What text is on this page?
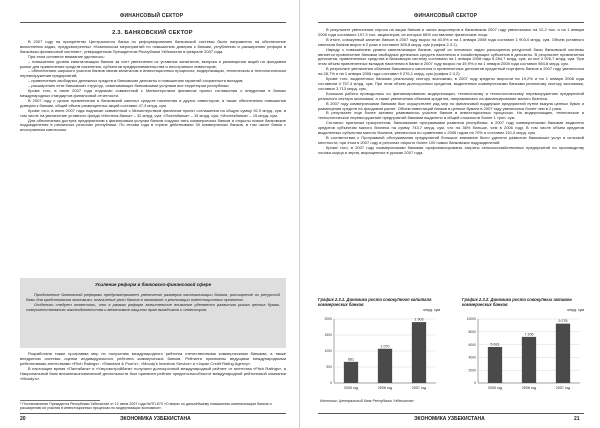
ФИНАНСОВЫЙ СЕКТОР
2.3. БАНКОВСКИЙ СЕКТОР

В 2007 году на приоритетах Центрального банка по реформированию банковской системы было направлено на обеспечение выполнения задач, предусмотренных «Комплексом мероприятий по повышению доверия к банкам, углублению и расширению реформ в банковско-финансовой системе», утвержденным Президентом Республики Узбекистан в феврале 2007 года.

При этом основное внимание уделялось:

– повышению уровня капитализации банков за счет увеличения их уставных капиталов, выпуска и размещения акций на фондовом рынке для привлечения средств населения, субъектов предпринимательства и иностранных инвесторов;

– обеспечению широкого участия банков своим капиталом в инвестиционных процессах, модернизации, техническом и технологическом перевооружении предприятий;

– привлечению свободных денежных средств в банковские депозиты и повышению гарантий сохранности вкладов;

– расширению сети банковских структур, охватывающих банковскими услугами все территории республики.

Кроме того, в июле 2007 года подписан совместный с Министерством финансов проект соглашения о внедрении в банках международных стандартов финансовой отчетности.

В 2007 году с целью привлечения в банковский капитал средств населения и других инвесторов, а также обеспечения повышения доверия к банкам, общий объем размещенных акций составил 47,3 млрд. сум.

Кроме того, в июле 2007 года подписан совместный с Министерством финансов проект соглашения на общую сумму 92,9 млрд. сум, в том числе на увеличение уставного фонда «Ипотека-банка» – 32 млрд. сум, «Пахтабанка» – 15 млрд. сум, «Ипотекбанка» – 15 млрд. сум.

Для обеспечения доступа предприятиям к финансовым услугам банков создано пять коммерческих банков и открыты новые банковские подразделения в различных регионах республики. По итогам года в стране действовали 30 коммерческих банков, в том числе банки с иностранным капиталом.

Усиление реформ в банковско-финансовой сфере

Продолжение банковской реформы предусматривает увеличение размеров капитализации банков, расширение их ресурсной базы для кредитования экономики, повышение роли банков в экономике и реализации инвестиционных проектов.

Отдельно следует отметить, что в рамках реформ значительное внимание уделяется развитию рынка ценных бумаг, совершенствованию законодательства и механизмов защиты прав вкладчиков и инвесторов.

Разработана также программа мер по получению международного рейтинга отечественными коммерческими банками, а также внедрению системы оценки индивидуального рейтинга коммерческих банков. Рейтинги присвоены ведущими международными рейтинговыми агентствами «Fitch Ratings», «Standard & Poor's», «Moody's Investors Service» и «Japan Credit Rating Agency».

В настоящее время «Пахтабанк» и «Узпромстройбанк» получили долгосрочный международный рейтинг от агентства «Fitch Ratings», а Национальный банк внешнеэкономической деятельности был присвоен рейтинг кредитоспособности международной рейтинговой компании «Moody's».

* Постановление Президента Республики Узбекистан от 12 июня 2007 года №ПП-670 «О мерах по дальнейшему повышению капитализации банков и расширению их участия в инвестиционных процессах по модернизации экономики».
20	ЭКОНОМИКА УЗБЕКИСТАНА
ФИНАНСОВЫЙ СЕКТОР

В результате увеличения спроса на акции банков и числа акционеров в банковском 2007 году увеличилась на 12,2 тыс. и на 1 января 2008 года составило 197,3 тыс. акционеров, из которых 68% составляют физические лица.

В итоге, совокупный капитал банков в 2007 году вырос на 40,5% и на 1 января 2008 года составил 1 903,0 млрд. сум. Объем уставного капитала банков вырос в 2 раза и составил 365,8 млрд. сум (график 2.3.1).

Наряду с повышением уровня капитализации банков, одной из основных задач расширения ресурсной базы банковской системы является привлечение банками свободных денежных средств населения и хозяйствующих субъектов в депозиты. В результате привлечения депозитов, привлеченные средства в банковскую систему составили на 1 января 2008 года 5 284,7 млрд. сум, из них 2 926,7 млрд. сум. При этом объем привлеченных вкладов населения в банки в 2007 году возрос на 49,9% и на 1 января 2008 года составил 984,8 млрд. сум.

В результате увеличения объемов банковского капитала и привлеченных депозитов кредитный портфель банков в 2007 году увеличился на 28,7% и на 1 января 2008 года составил 9 276,1 млрд. сум (график 2.3.2).

Кроме того, выделенных банками реальному сектору экономики, в 2007 году кредиты выросли на 19,2% и на 1 января 2008 года составили 4 757,4 млрд. сум. При этом объем долгосрочных кредитов, выделенных коммерческими банками реальному сектору экономики, составил 3 713 млрд. сум.

Большая работа проводилась по финансированию модернизации, техническому и технологическому перевооружению предприятий реального сектора экономики, а также увеличению объемов кредитов, направляемых на финансирование малого бизнеса.

В 2007 году коммерческими банками был осуществлен ряд мер по финансовой поддержке предприятий путем выкупа ценных бумаг и размещения средств на фондовом рынке. Объем инвестиций банков в ценные бумаги в 2007 году увеличился более чем в 2 раза.

В результате еще более активно развивалось участие банков в инвестиционных процессах. На модернизацию, техническое и технологическое перевооружение предприятий банками выделено в общей сложности более 1 трлн. сум.

Согласно принятым приоритетам, банковскими программами развития республики, в 2007 году коммерческими банками выделено кредитов субъектам малого бизнеса на сумму 743,7 млрд. сум, что на 36% больше, чем в 2006 году. В том числе объем кредитов выделенных субъектам малого бизнеса, увеличился по сравнению с 2006 годом на 70% и составил 110,0 млрд. сум.

В соответствии с Программой обслуживания предприятий большое внимание было уделено развитию банковских услуг в сельской местности, при этом в 2007 году в регионах открыто более 100 новых банковских подразделений.

Кроме того, в 2007 году коммерческими банками профинансированы затраты сельскохозяйственных предприятий по производству хлопка-сырца и зерна, выращенных в урожае 2007 года.

График 2.3.1. Динамика роста совокупного капитала коммерческих банков
млрд. сум
0
500
1000
1500
2000
661
2005 год
1 070
2006 год
1 903
2007 год
График 2.3.2. Динамика роста совокупных активов коммерческих банков
млрд. сум
0
2000
4000
6000
8000
10000
5 631
2005 год
7 206
2006 год
9 276
2007 год
Источник: Центральный банк Республики Узбекистан
ЭКОНОМИКА УЗБЕКИСТАНА	21
